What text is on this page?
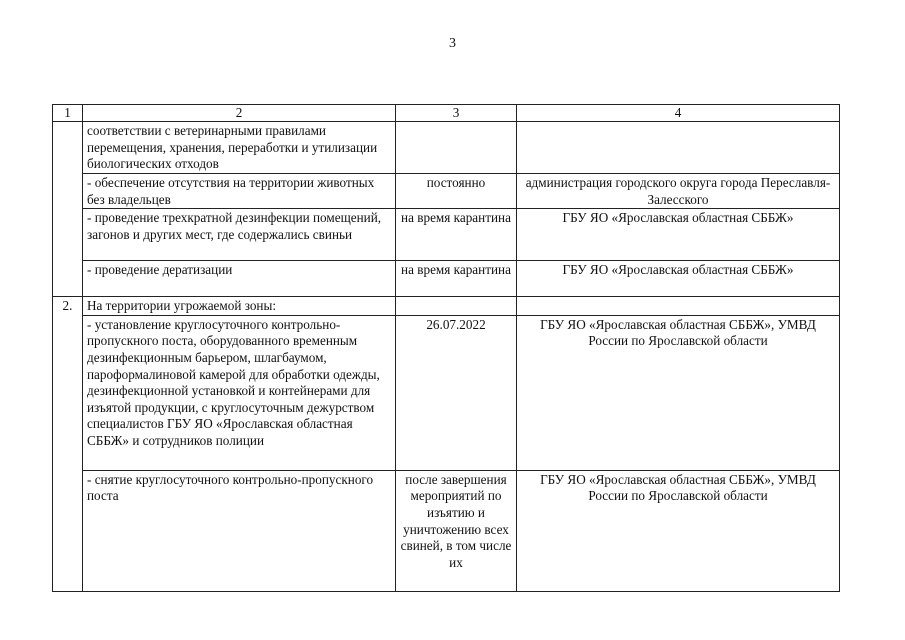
3
1	2	3	4
	соответствии с ветеринарными правилами перемещения, хранения, переработки и утилизации биологических отходов		
	- обеспечение отсутствия на территории животных без владельцев	постоянно	администрация городского округа города Переславля-Залесского
	- проведение трехкратной дезинфекции помещений, загонов и других мест, где содержались свиньи	на время карантина	ГБУ ЯО «Ярославская областная СББЖ»
	- проведение дератизации	на время карантина	ГБУ ЯО «Ярославская областная СББЖ»
2.	На территории угрожаемой зоны:		
	- установление круглосуточного контрольно-пропускного поста, оборудованного временным дезинфекционным барьером, шлагбаумом, пароформалиновой камерой для обработки одежды, дезинфекционной установкой и контейнерами для изъятой продукции, с круглосуточным дежурством специалистов ГБУ ЯО «Ярославская областная СББЖ» и сотрудников полиции	26.07.2022	ГБУ ЯО «Ярославская областная СББЖ», УМВД России по Ярославской области
	- снятие круглосуточного контрольно-пропускного поста	после завершения мероприятий по изъятию и уничтожению всех свиней, в том числе их	ГБУ ЯО «Ярославская областная СББЖ», УМВД России по Ярославской области
